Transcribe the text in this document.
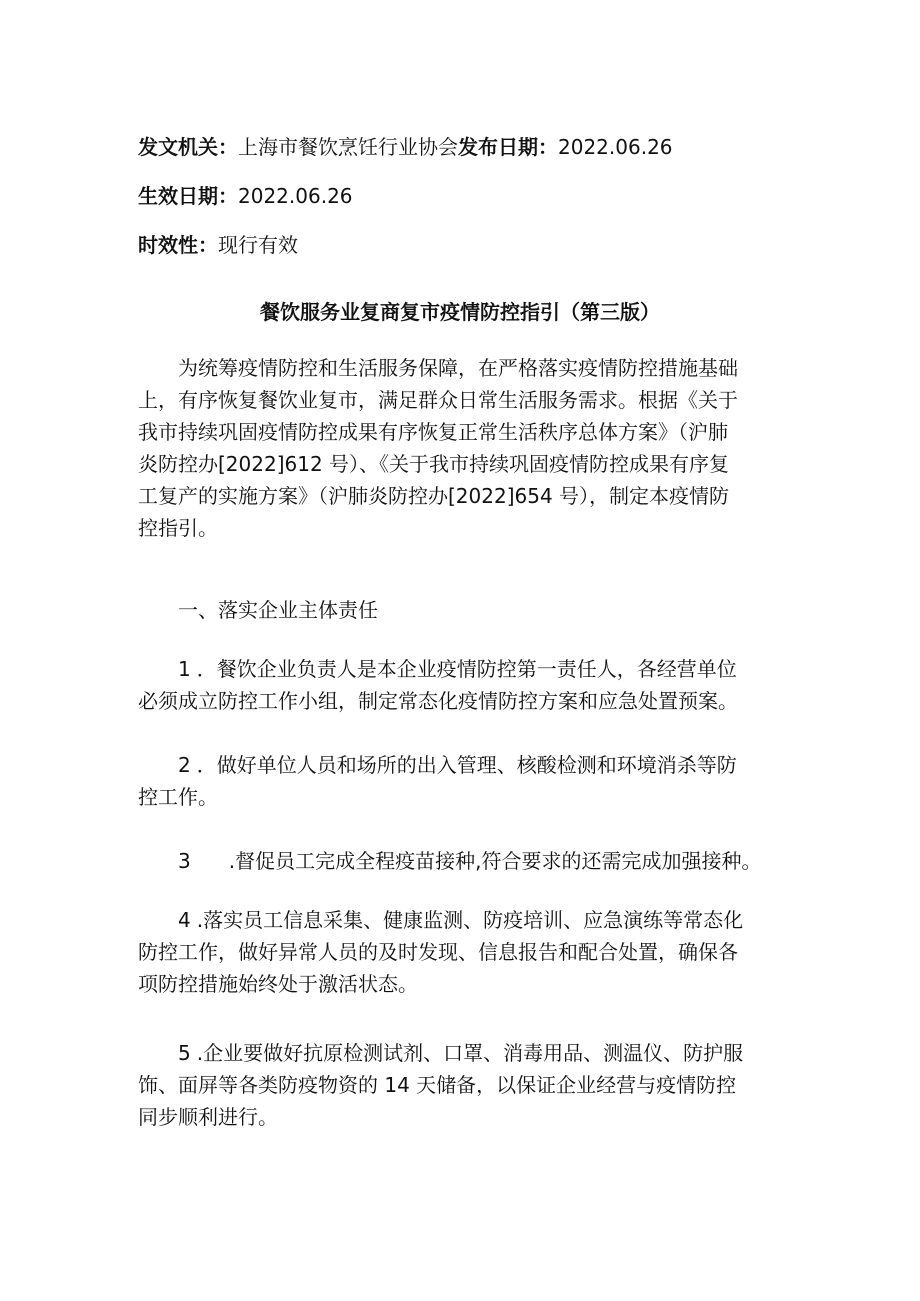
发文机关：上海市餐饮烹饪行业协会发布日期：2022.06.26
生效日期：2022.06.26
时效性：现行有效
餐饮服务业复商复市疫情防控指引（第三版）
为统筹疫情防控和生活服务保障，在严格落实疫情防控措施基础
上，有序恢复餐饮业复市，满足群众日常生活服务需求。根据《关于
我市持续巩固疫情防控成果有序恢复正常生活秩序总体方案》（沪肺
炎防控办[2022]612 号）、《关于我市持续巩固疫情防控成果有序复
工复产的实施方案》（沪肺炎防控办[2022]654 号），制定本疫情防
控指引。
一、落实企业主体责任
1 ．餐饮企业负责人是本企业疫情防控第一责任人，各经营单位
必须成立防控工作小组，制定常态化疫情防控方案和应急处置预案。
2 ．做好单位人员和场所的出入管理、核酸检测和环境消杀等防
控工作。
3 .督促员工完成全程疫苗接种,符合要求的还需完成加强接种。
4 .落实员工信息采集、健康监测、防疫培训、应急演练等常态化
防控工作，做好异常人员的及时发现、信息报告和配合处置，确保各
项防控措施始终处于激活状态。
5 .企业要做好抗原检测试剂、口罩、消毒用品、测温仪、防护服
饰、面屏等各类防疫物资的 14 天储备，以保证企业经营与疫情防控
同步顺利进行。
